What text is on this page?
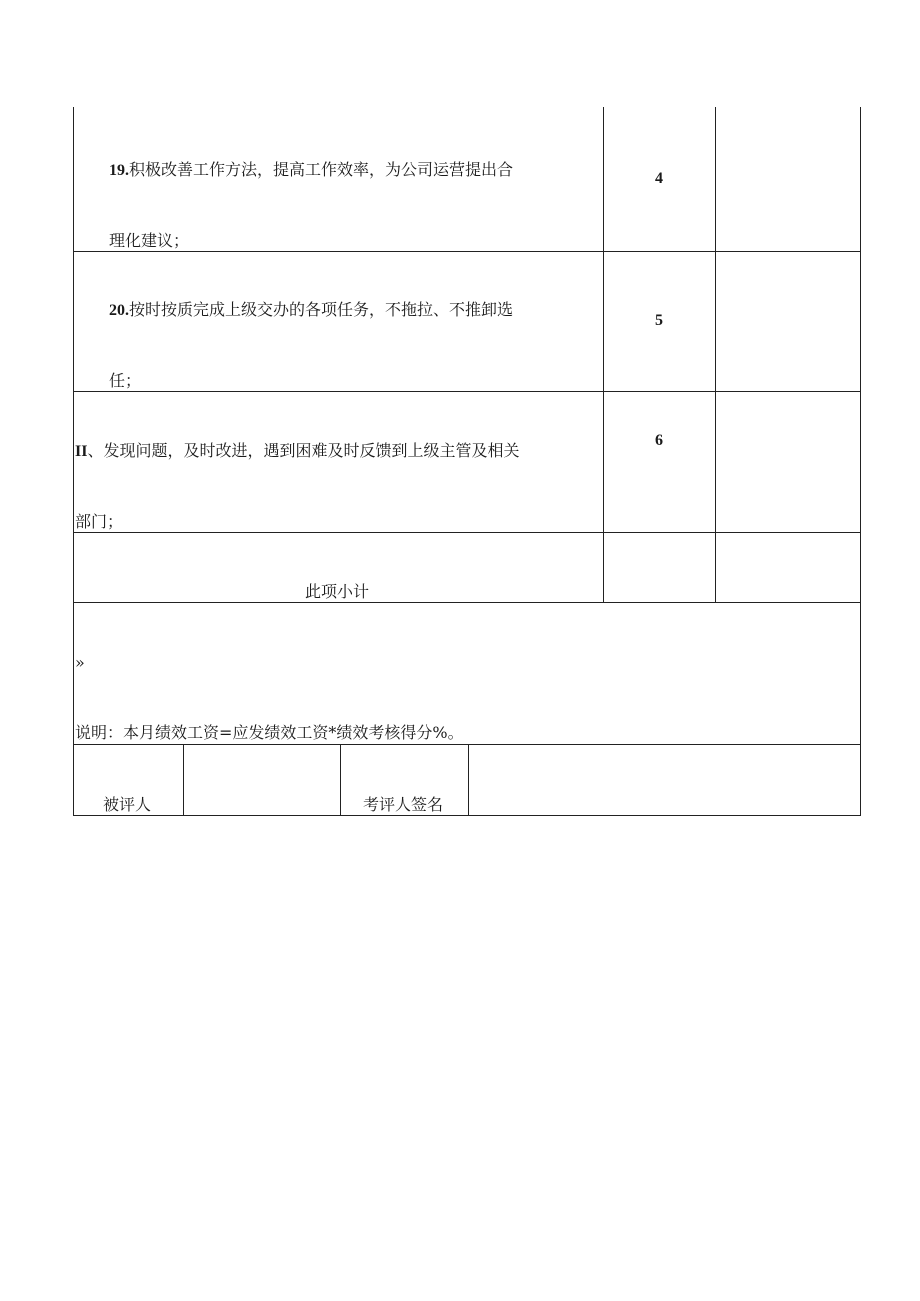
19.积极改善工作方法，提高工作效率，为公司运营提出合
理化建议；
4
20.按时按质完成上级交办的各项任务，不拖拉、不推卸选
任；
5
II、发现问题，及时改进，遇到困难及时反馈到上级主管及相关
部门；
6
此项小计
»
说明：本月绩效工资=应发绩效工资*绩效考核得分%。
被评人	考评人签名
